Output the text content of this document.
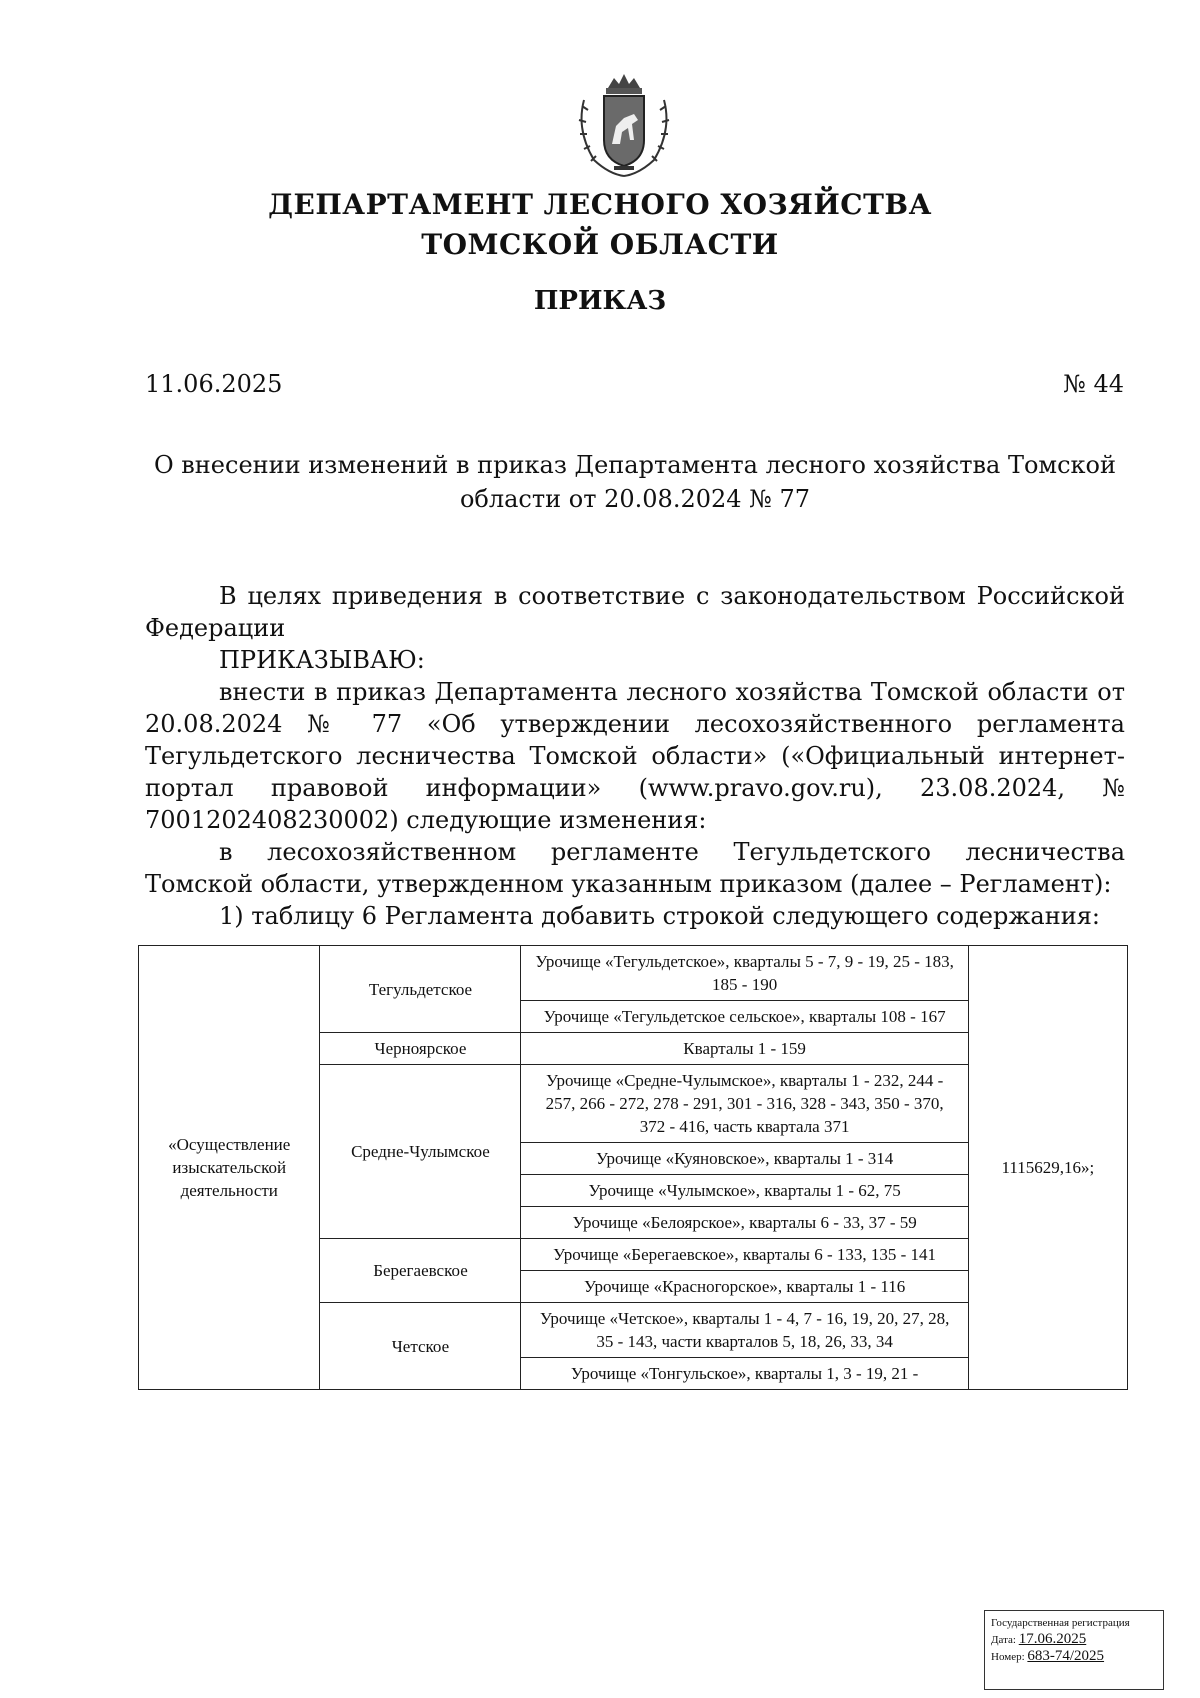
ДЕПАРТАМЕНТ ЛЕСНОГО ХОЗЯЙСТВА
ТОМСКОЙ ОБЛАСТИ
ПРИКАЗ
11.06.2025	№ 44
О внесении изменений в приказ Департамента лесного хозяйства Томской области от 20.08.2024 № 77

В целях приведения в соответствие с законодательством Российской Федерации

ПРИКАЗЫВАЮ:

внести в приказ Департамента лесного хозяйства Томской области от 20.08.2024 № 77 «Об утверждении лесохозяйственного регламента Тегульдетского лесничества Томской области» («Официальный интернет-портал правовой информации» (www.pravo.gov.ru), 23.08.2024, № 7001202408230002) следующие изменения:

в лесохозяйственном регламенте Тегульдетского лесничества Томской области, утвержденном указанным приказом (далее – Регламент):

1) таблицу 6 Регламента добавить строкой следующего содержания:

«Осуществление изыскательской деятельности	Тегульдетское	Урочище «Тегульдетское», кварталы 5 - 7, 9 - 19, 25 - 183, 185 - 190	1115629,16»;
		Урочище «Тегульдетское сельское», кварталы 108 - 167	
	Черноярское	Кварталы 1 - 159	
	Средне-Чулымское	Урочище «Средне-Чулымское», кварталы 1 - 232, 244 - 257, 266 - 272, 278 - 291, 301 - 316, 328 - 343, 350 - 370, 372 - 416, часть квартала 371	
		Урочище «Куяновское», кварталы 1 - 314	
		Урочище «Чулымское», кварталы 1 - 62, 75	
		Урочище «Белоярское», кварталы 6 - 33, 37 - 59	
	Берегаевское	Урочище «Берегаевское», кварталы 6 - 133, 135 - 141	
		Урочище «Красногорское», кварталы 1 - 116	
	Четское	Урочище «Четское», кварталы 1 - 4, 7 - 16, 19, 20, 27, 28, 35 - 143, части кварталов 5, 18, 26, 33, 34	
		Урочище «Тонгульское», кварталы 1, 3 - 19, 21 -	
Государственная регистрация
Дата: 17.06.2025
Номер: 683-74/2025
